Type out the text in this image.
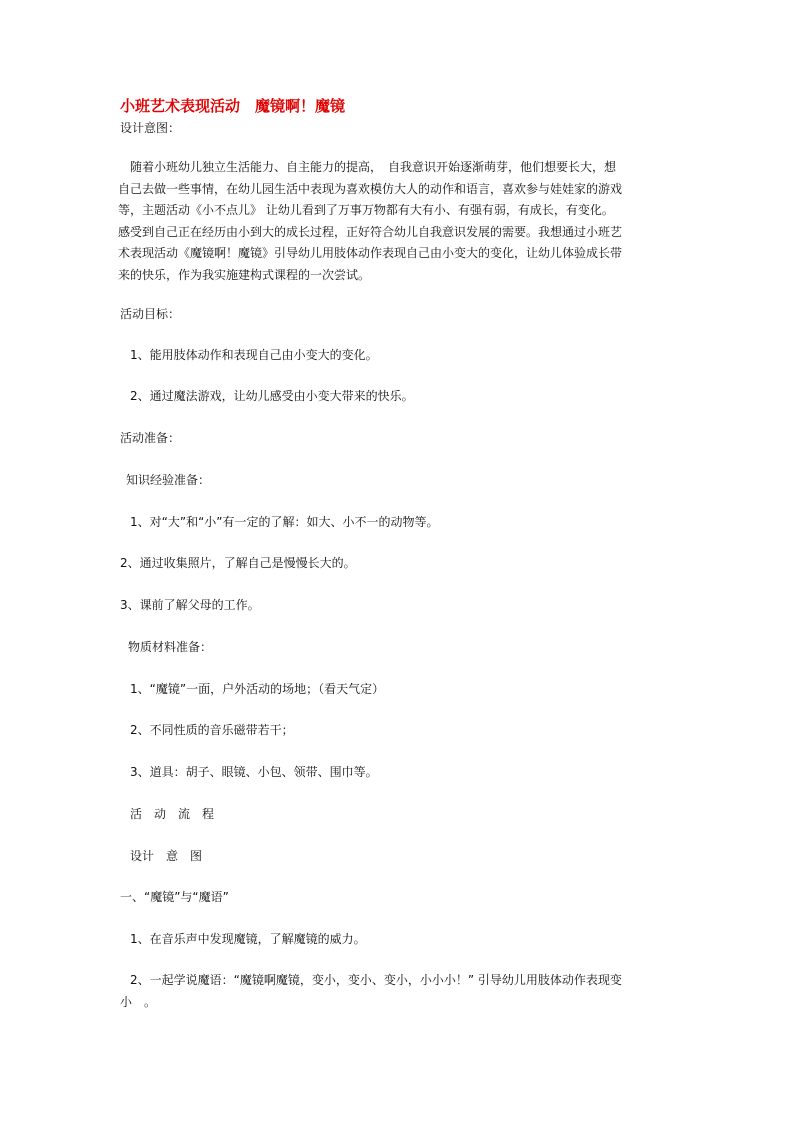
小班艺术表现活动　魔镜啊！魔镜
设计意图：
　随着小班幼儿独立生活能力、自主能力的提高，　自我意识开始逐渐萌芽，他们想要长大，想
自己去做一些事情，在幼儿园生活中表现为喜欢模仿大人的动作和语言，喜欢参与娃娃家的游戏
等，主题活动《小不点儿》 让幼儿看到了万事万物都有大有小、有强有弱，有成长，有变化。
感受到自己正在经历由小到大的成长过程，正好符合幼儿自我意识发展的需要。我想通过小班艺
术表现活动《魔镜啊！魔镜》引导幼儿用肢体动作表现自己由小变大的变化，让幼儿体验成长带
来的快乐，作为我实施建构式课程的一次尝试。
活动目标：
1、能用肢体动作和表现自己由小变大的变化。
2、通过魔法游戏，让幼儿感受由小变大带来的快乐。
活动准备：
知识经验准备：
1、对“大”和“小”有一定的了解：如大、小不一的动物等。
2、通过收集照片，了解自己是慢慢长大的。
3、课前了解父母的工作。
物质材料准备：
1、“魔镜”一面，户外活动的场地；（看天气定）
2、不同性质的音乐磁带若干；
3、道具：胡子、眼镜、小包、领带、围巾等。
活　动　流　程
设计　意　图
一、“魔镜”与“魔语”
1、在音乐声中发现魔镜，了解魔镜的威力。
2、一起学说魔语：“魔镜啊魔镜，变小，变小、变小，小小小！” 引导幼儿用肢体动作表现变
小　。
